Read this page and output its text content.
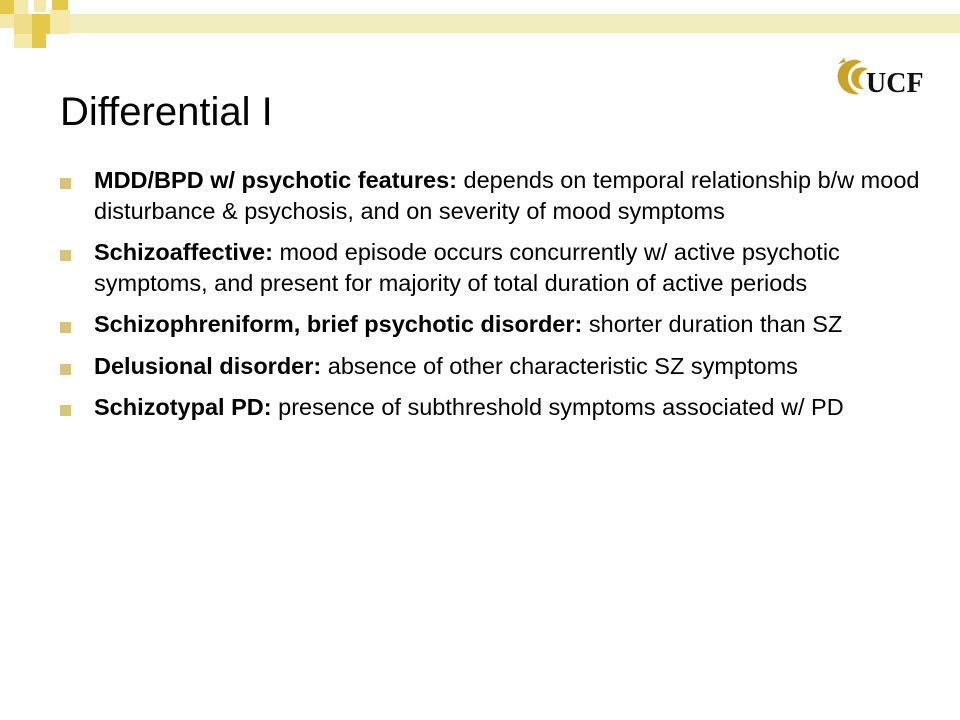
UCF
Differential I
MDD/BPD w/ psychotic features: depends on temporal relationship b/w mood disturbance & psychosis, and on severity of mood symptoms
Schizoaffective: mood episode occurs concurrently w/ active psychotic symptoms, and present for majority of total duration of active periods
Schizophreniform, brief psychotic disorder: shorter duration than SZ
Delusional disorder: absence of other characteristic SZ symptoms
Schizotypal PD: presence of subthreshold symptoms associated w/ PD
